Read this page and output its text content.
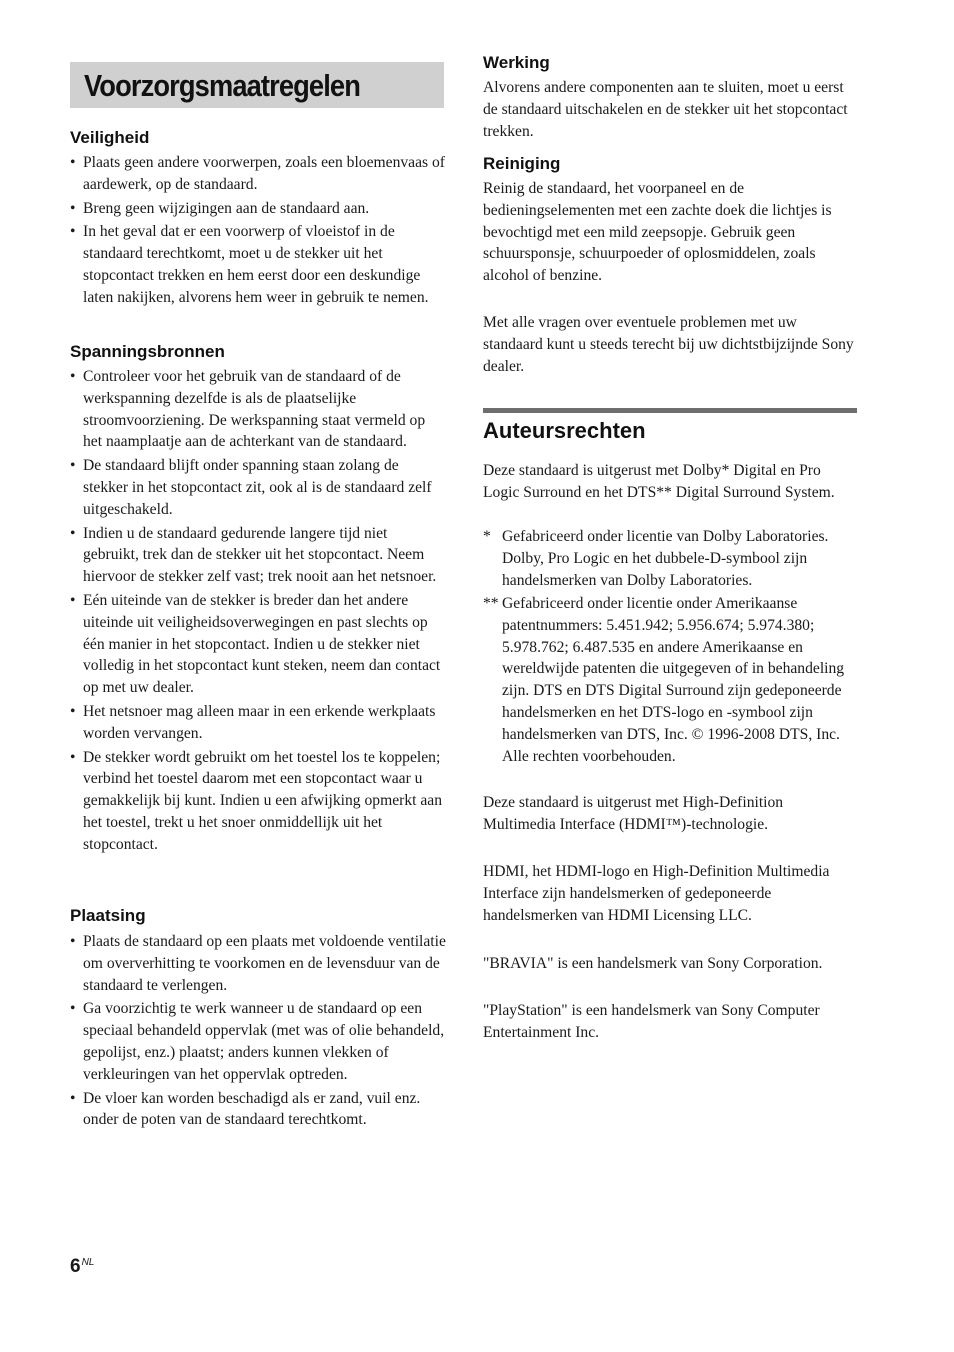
Voorzorgsmaatregelen
Veiligheid
• Plaats geen andere voorwerpen, zoals een bloemenvaas of aardewerk, op de standaard.
• Breng geen wijzigingen aan de standaard aan.
• In het geval dat er een voorwerp of vloeistof in de standaard terechtkomt, moet u de stekker uit het stopcontact trekken en hem eerst door een deskundige laten nakijken, alvorens hem weer in gebruik te nemen.
Spanningsbronnen
• Controleer voor het gebruik van de standaard of de werkspanning dezelfde is als de plaatselijke stroomvoorziening. De werkspanning staat vermeld op het naamplaatje aan de achterkant van de standaard.
• De standaard blijft onder spanning staan zolang de stekker in het stopcontact zit, ook al is de standaard zelf uitgeschakeld.
• Indien u de standaard gedurende langere tijd niet gebruikt, trek dan de stekker uit het stopcontact. Neem hiervoor de stekker zelf vast; trek nooit aan het netsnoer.
• Eén uiteinde van de stekker is breder dan het andere uiteinde uit veiligheidsoverwegingen en past slechts op één manier in het stopcontact. Indien u de stekker niet volledig in het stopcontact kunt steken, neem dan contact op met uw dealer.
• Het netsnoer mag alleen maar in een erkende werkplaats worden vervangen.
• De stekker wordt gebruikt om het toestel los te koppelen; verbind het toestel daarom met een stopcontact waar u gemakkelijk bij kunt. Indien u een afwijking opmerkt aan het toestel, trekt u het snoer onmiddellijk uit het stopcontact.
Plaatsing
• Plaats de standaard op een plaats met voldoende ventilatie om oververhitting te voorkomen en de levensduur van de standaard te verlengen.
• Ga voorzichtig te werk wanneer u de standaard op een speciaal behandeld oppervlak (met was of olie behandeld, gepolijst, enz.) plaatst; anders kunnen vlekken of verkleuringen van het oppervlak optreden.
• De vloer kan worden beschadigd als er zand, vuil enz. onder de poten van de standaard terechtkomt.
Werking

Alvorens andere componenten aan te sluiten, moet u eerst de standaard uitschakelen en de stekker uit het stopcontact trekken.

Reiniging

Reinig de standaard, het voorpaneel en de bedieningselementen met een zachte doek die lichtjes is bevochtigd met een mild zeepsopje. Gebruik geen schuursponsje, schuurpoeder of oplosmiddelen, zoals alcohol of benzine.

Met alle vragen over eventuele problemen met uw standaard kunt u steeds terecht bij uw dichtstbijzijnde Sony dealer.

Auteursrechten

Deze standaard is uitgerust met Dolby* Digital en Pro Logic Surround en het DTS** Digital Surround System.

* Gefabriceerd onder licentie van Dolby Laboratories. Dolby, Pro Logic en het dubbele-D-symbool zijn handelsmerken van Dolby Laboratories.
** Gefabriceerd onder licentie onder Amerikaanse patentnummers: 5.451.942; 5.956.674; 5.974.380; 5.978.762; 6.487.535 en andere Amerikaanse en wereldwijde patenten die uitgegeven of in behandeling zijn. DTS en DTS Digital Surround zijn gedeponeerde handelsmerken en het DTS-logo en -symbool zijn handelsmerken van DTS, Inc. © 1996-2008 DTS, Inc. Alle rechten voorbehouden.

Deze standaard is uitgerust met High-Definition Multimedia Interface (HDMI™)-technologie.

HDMI, het HDMI-logo en High-Definition Multimedia Interface zijn handelsmerken of gedeponeerde handelsmerken van HDMI Licensing LLC.

"BRAVIA" is een handelsmerk van Sony Corporation.

"PlayStation" is een handelsmerk van Sony Computer Entertainment Inc.

$6^{NL}$
